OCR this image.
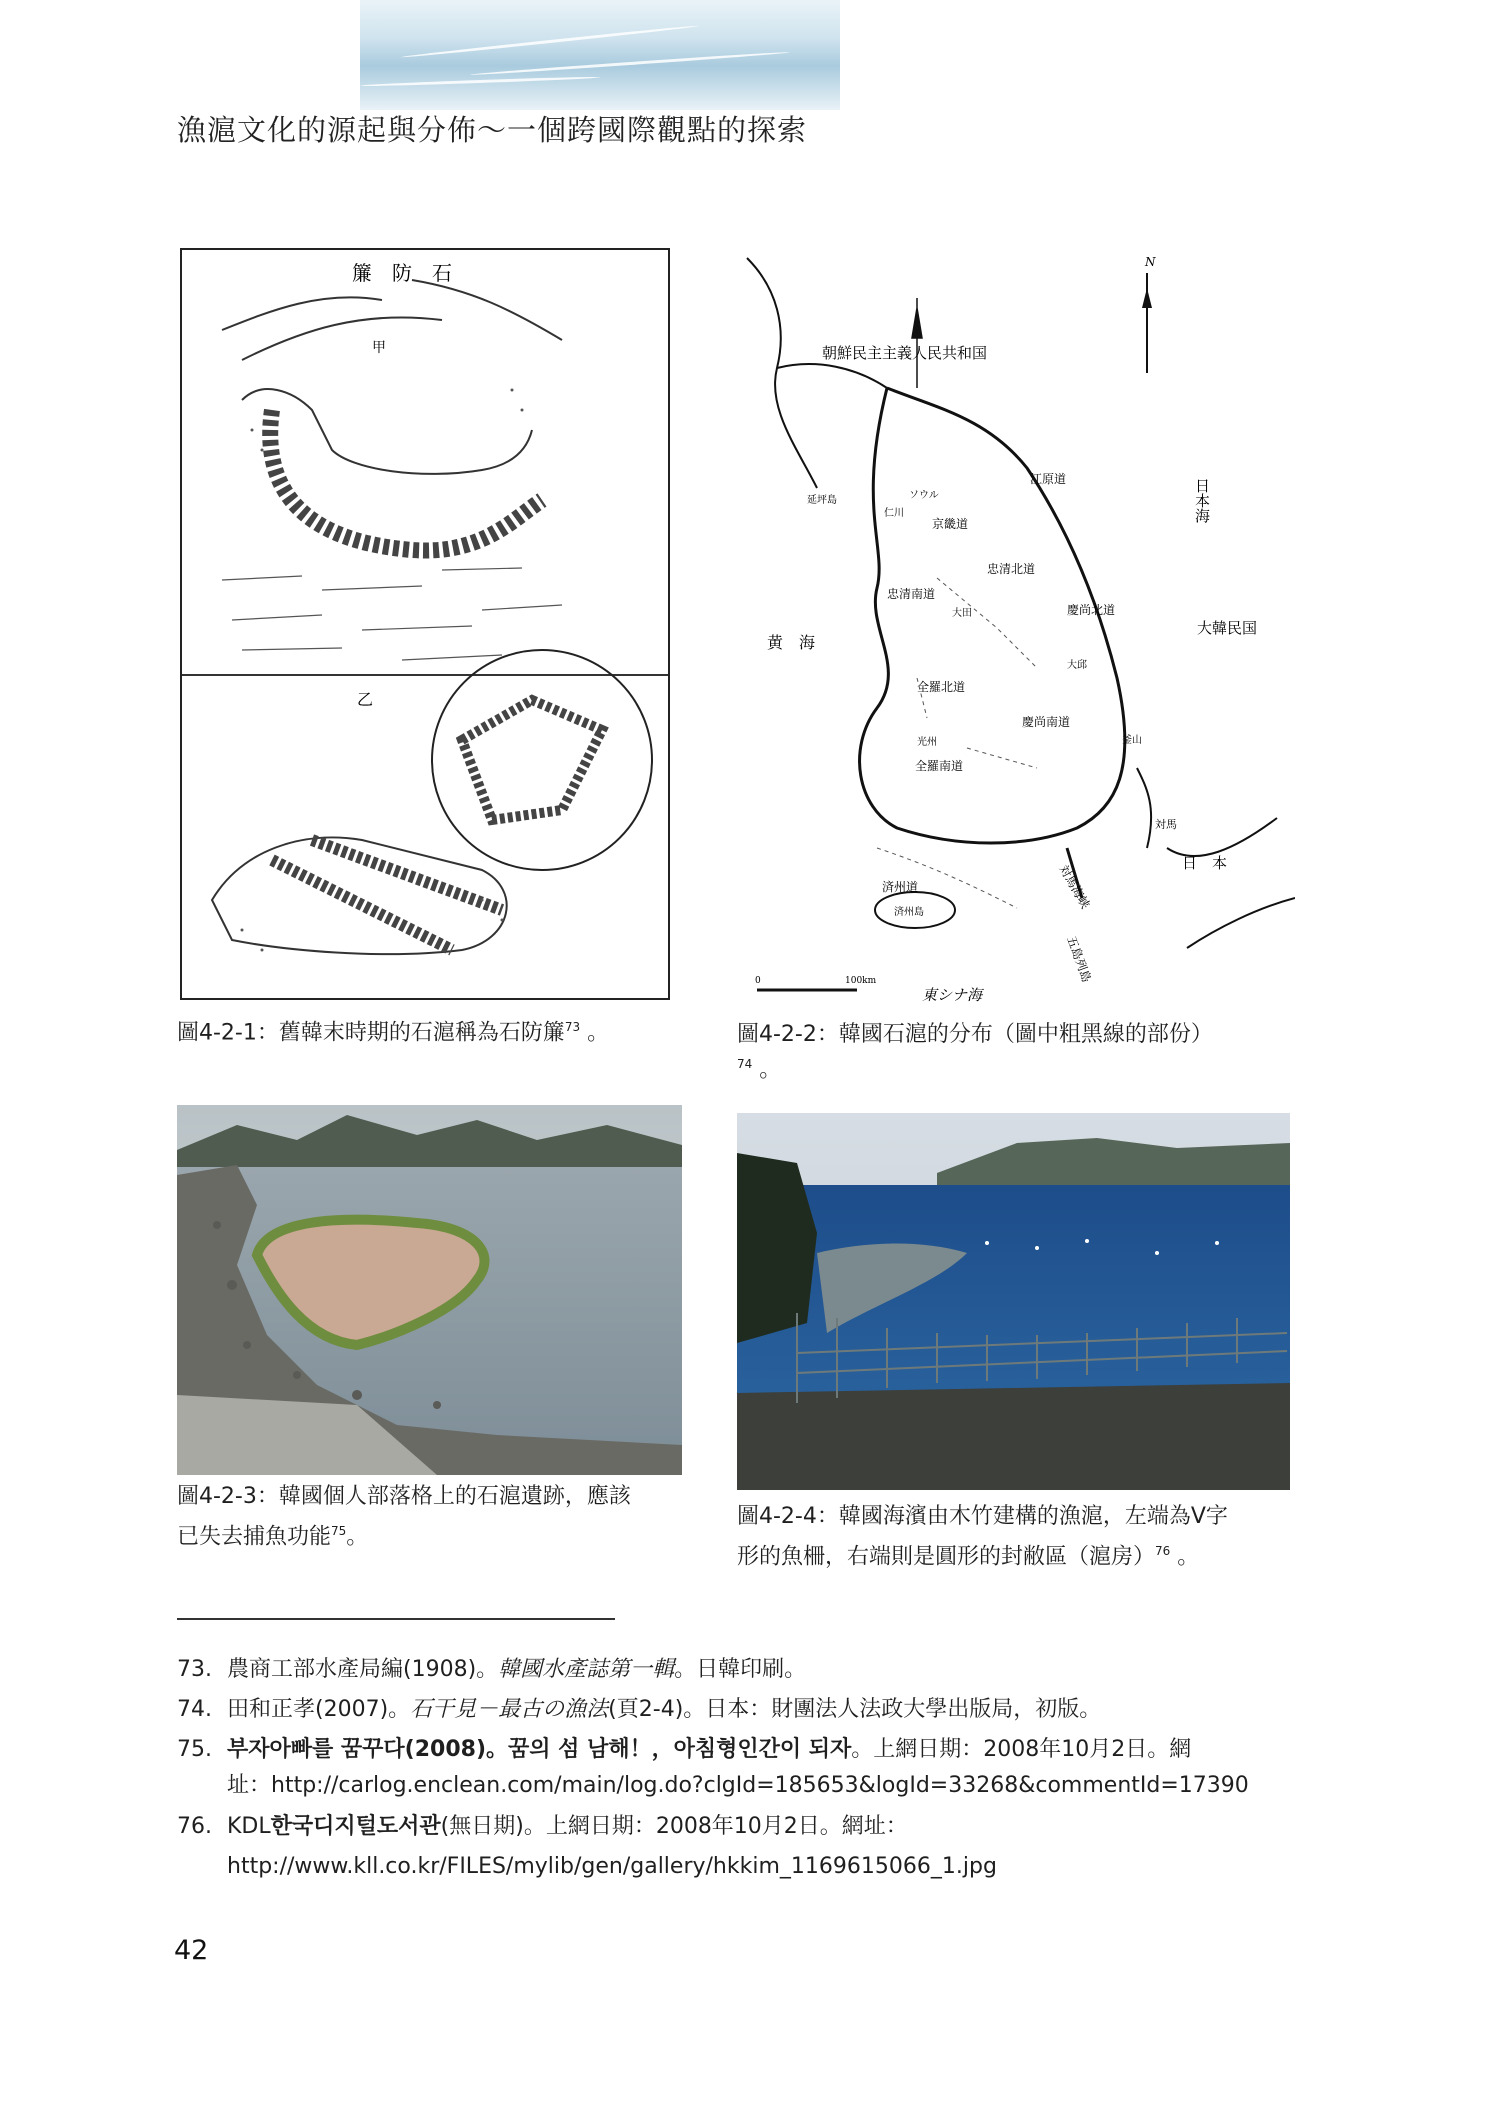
漁滬文化的源起與分佈～一個跨國際觀點的探索
簾　防　石
甲
乙
圖4-2-1：舊韓末時期的石滬稱為石防簾$^{73}$ 。
N
朝鮮民主主義人民共和国
大韓民国
日本海
黄　海
東シナ海
日　本
対馬
対馬海峡
五島列島
延坪島	ソウル
仁川
江原道
京畿道
忠清北道
忠清南道
大田	慶尚北道
大邱
全羅北道
慶尚南道
釜山
光州
全羅南道
済州道
済州島
0	100km
圖4-2-2：韓國石滬的分布（圖中粗黑線的部份）
$^{74}$ 。
圖4-2-3：韓國個人部落格上的石滬遺跡，應該
已失去捕魚功能$^{75}$。
圖4-2-4：韓國海濱由木竹建構的漁滬，左端為V字
形的魚柵，右端則是圓形的封敝區（滬房）$^{76}$ 。
73. 農商工部水產局編(1908)。韓國水產誌第一輯。日韓印刷。
74. 田和正孝(2007)。石干見－最古の漁法(頁2-4)。日本：財團法人法政大學出版局，初版。
75. 부자아빠를 꿈꾸다(2008)。꿈의 섬 남해！，아침형인간이 되자。上網日期：2008年10月2日。網
址：http://carlog.enclean.com/main/log.do?clgId=185653&logId=33268&commentId=17390
76. KDL한국디지털도서관(無日期)。上網日期：2008年10月2日。網址：
http://www.kll.co.kr/FILES/mylib/gen/gallery/hkkim_1169615066_1.jpg
42
